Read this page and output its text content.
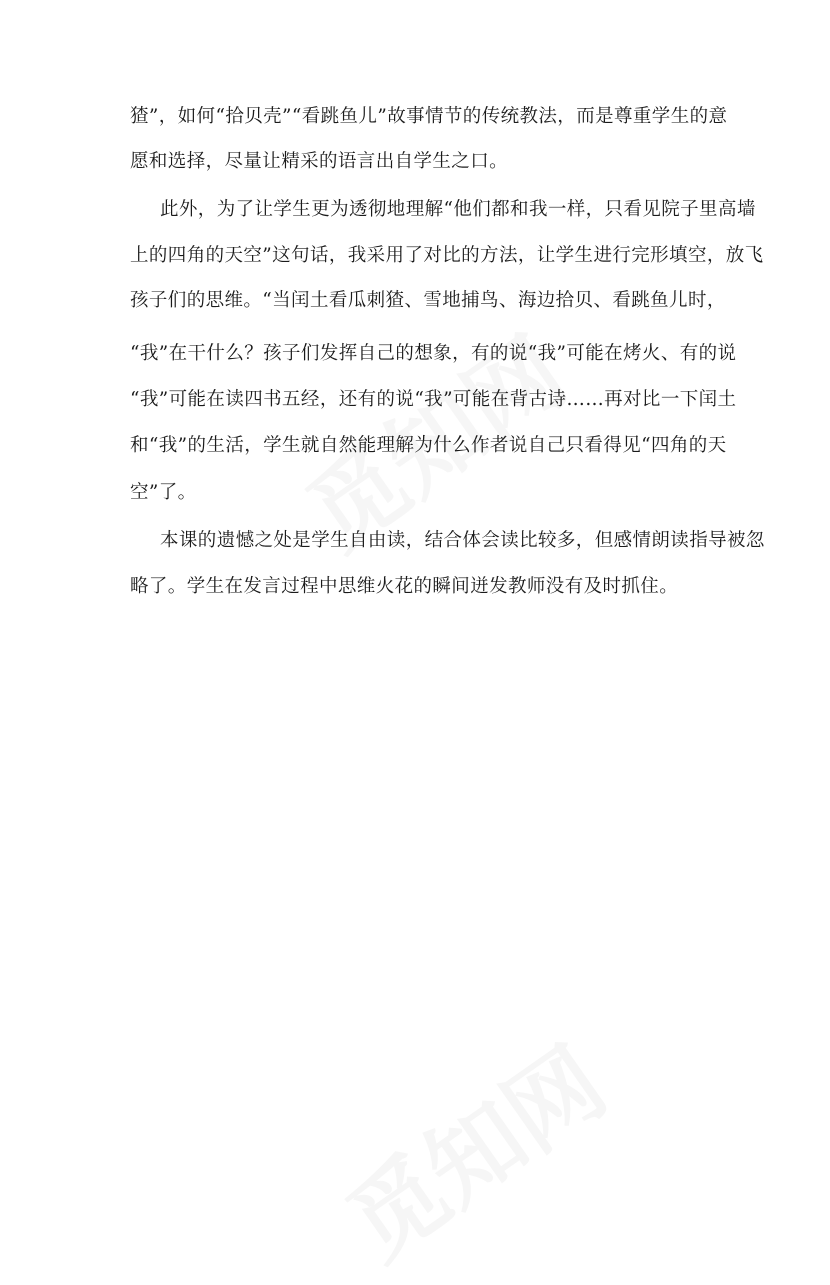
猹”，如何“拾贝壳”“看跳鱼儿”故事情节的传统教法，而是尊重学生的意
愿和选择，尽量让精采的语言出自学生之口。
此外，为了让学生更为透彻地理解“他们都和我一样，只看见院子里高墙
上的四角的天空”这句话，我采用了对比的方法，让学生进行完形填空，放飞
孩子们的思维。“当闰土看瓜刺猹、雪地捕鸟、海边拾贝、看跳鱼儿时，
“我”在干什么？孩子们发挥自己的想象，有的说“我”可能在烤火、有的说
“我”可能在读四书五经，还有的说“我”可能在背古诗……再对比一下闰土
和“我”的生活，学生就自然能理解为什么作者说自己只看得见“四角的天
空”了。
本课的遗憾之处是学生自由读，结合体会读比较多，但感情朗读指导被忽
略了。学生在发言过程中思维火花的瞬间迸发教师没有及时抓住。
